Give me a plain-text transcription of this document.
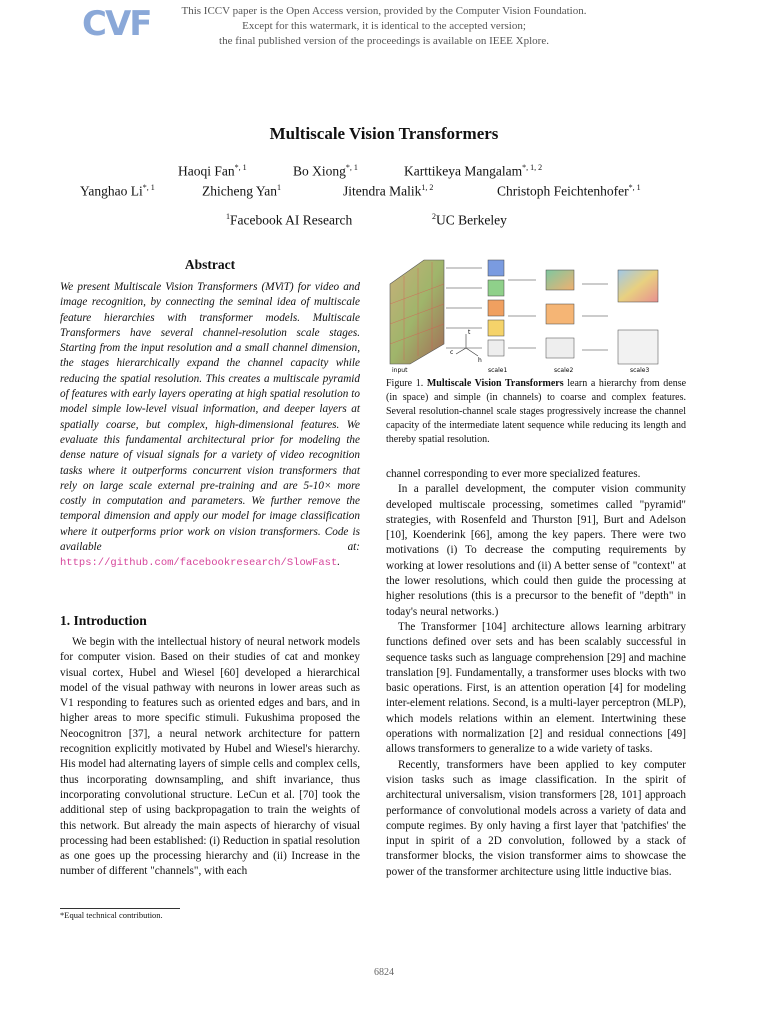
CVF	This ICCV paper is the Open Access version, provided by the Computer Vision Foundation.
Except for this watermark, it is identical to the accepted version;
the final published version of the proceedings is available on IEEE Xplore.
Multiscale Vision Transformers
Haoqi Fan$^{*, 1}$	Bo Xiong$^{*, 1}$	Karttikeya Mangalam$^{*, 1, 2}$
Yanghao $Li^{*, 1}$	Zhicheng Yan$^1$	Jitendra Malik$^{1, 2}$	Christoph Feichtenhofer$^{*, 1}$
$^1$Facebook AI Research	$^2$UC Berkeley
Abstract
We present Multiscale Vision Transformers (MViT) for video and image recognition, by connecting the seminal idea of multiscale feature hierarchies with transformer models. Multiscale Transformers have several channel-resolution scale stages. Starting from the input resolution and a small channel dimension, the stages hierarchically expand the channel capacity while reducing the spatial resolution. This creates a multiscale pyramid of features with early layers operating at high spatial resolution to model simple low-level visual information, and deeper layers at spatially coarse, but complex, high-dimensional features. We evaluate this fundamental architectural prior for modeling the dense nature of visual signals for a variety of video recognition tasks where it outperforms concurrent vision transformers that rely on large scale external pre-training and are 5-10× more costly in computation and parameters. We further remove the temporal dimension and apply our model for image classification where it outperforms prior work on vision transformers. Code is available at: https://github.com/facebookresearch/SlowFast.
input
t
c
h
scale1	scale2	scale3
Figure 1. Multiscale Vision Transformers learn a hierarchy from dense (in space) and simple (in channels) to coarse and complex features. Several resolution-channel scale stages progressively increase the channel capacity of the intermediate latent sequence while reducing its length and thereby spatial resolution.
1. Introduction

We begin with the intellectual history of neural network models for computer vision. Based on their studies of cat and monkey visual cortex, Hubel and Wiesel [60] developed a hierarchical model of the visual pathway with neurons in lower areas such as V1 responding to features such as oriented edges and bars, and in higher areas to more specific stimuli. Fukushima proposed the Neocognitron [37], a neural network architecture for pattern recognition explicitly motivated by Hubel and Wiesel's hierarchy. His model had alternating layers of simple cells and complex cells, thus incorporating downsampling, and shift invariance, thus incorporating convolutional structure. LeCun et al. [70] took the additional step of using backpropagation to train the weights of this network. But already the main aspects of hierarchy of visual processing had been established: (i) Reduction in spatial resolution as one goes up the processing hierarchy and (ii) Increase in the number of different "channels", with each

channel corresponding to ever more specialized features.

In a parallel development, the computer vision community developed multiscale processing, sometimes called "pyramid" strategies, with Rosenfeld and Thurston [91], Burt and Adelson [10], Koenderink [66], among the key papers. There were two motivations (i) To decrease the computing requirements by working at lower resolutions and (ii) A better sense of "context" at the lower resolutions, which could then guide the processing at higher resolutions (this is a precursor to the benefit of "depth" in today's neural networks.)

The Transformer [104] architecture allows learning arbitrary functions defined over sets and has been scalably successful in sequence tasks such as language comprehension [29] and machine translation [9]. Fundamentally, a transformer uses blocks with two basic operations. First, is an attention operation [4] for modeling inter-element relations. Second, is a multi-layer perceptron (MLP), which models relations within an element. Intertwining these operations with normalization [2] and residual connections [49] allows transformers to generalize to a wide variety of tasks.

Recently, transformers have been applied to key computer vision tasks such as image classification. In the spirit of architectural universalism, vision transformers [28, 101] approach performance of convolutional models across a variety of data and compute regimes. By only having a first layer that 'patchifies' the input in spirit of a 2D convolution, followed by a stack of transformer blocks, the vision transformer aims to showcase the power of the transformer architecture using little inductive bias.

*Equal technical contribution.
6824
